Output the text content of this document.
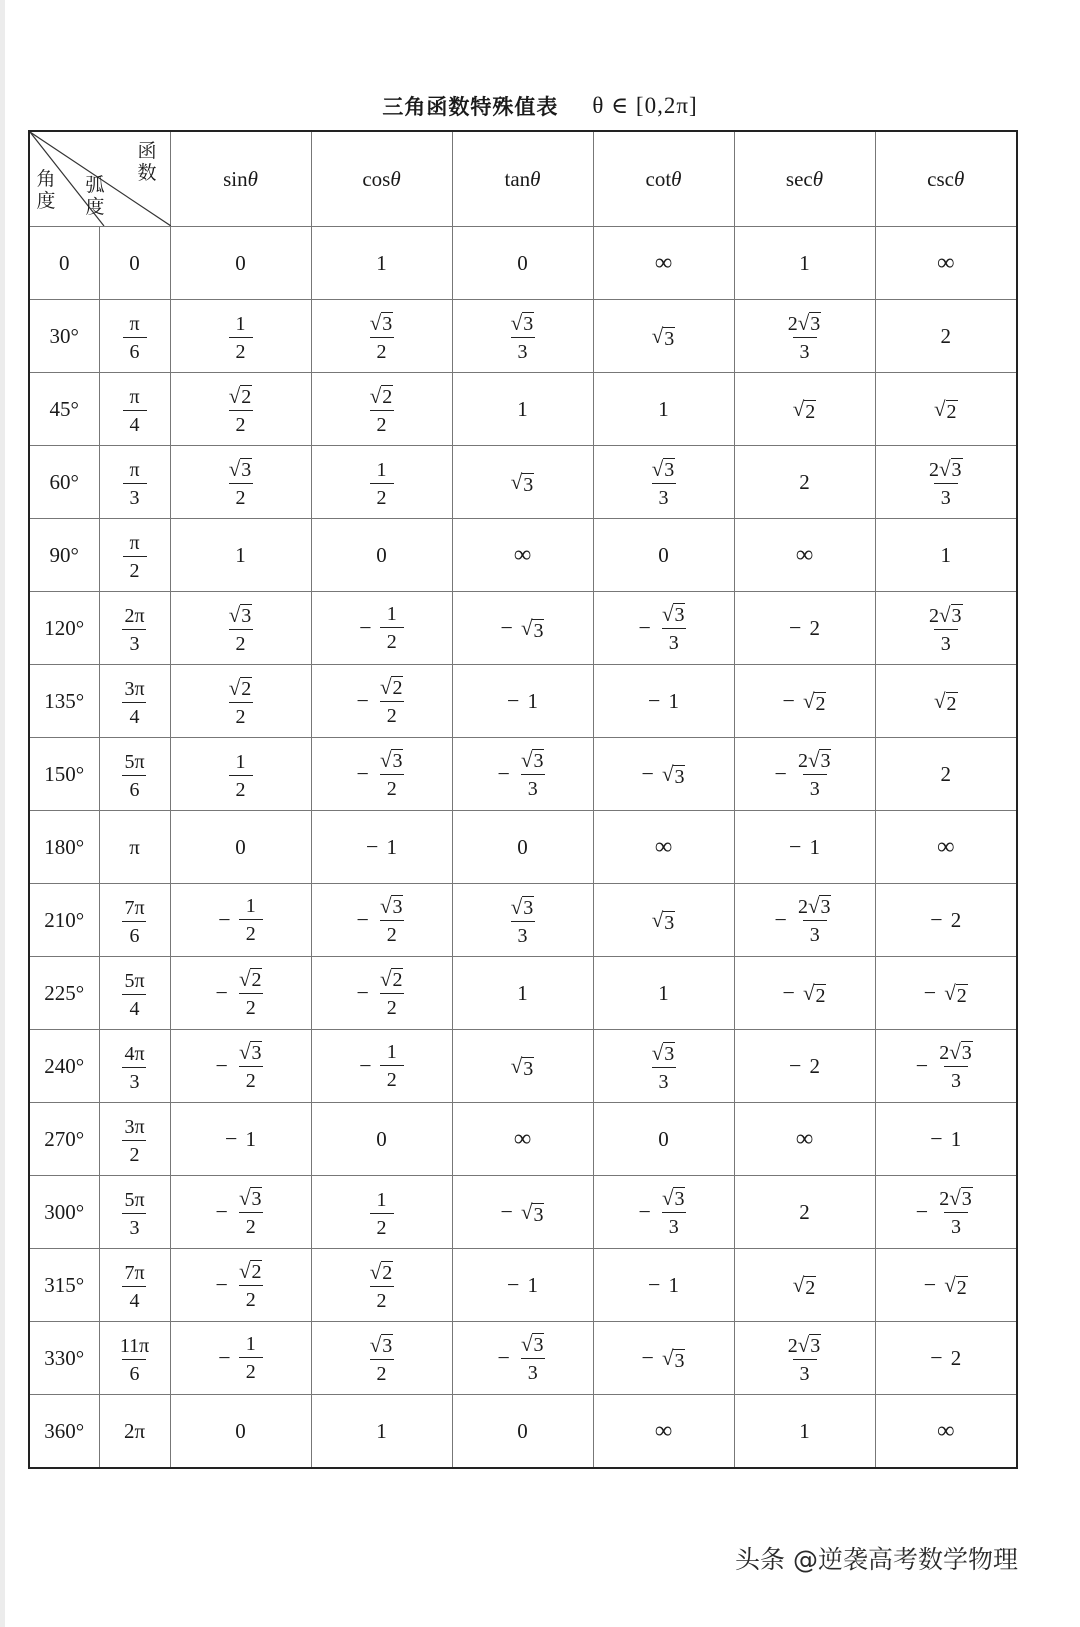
三角函数特殊值表 θ ∈ [0,2π]
函数
弧度
角度		sinθ	cosθ	tanθ	cotθ	secθ	cscθ
0	0	0	1	0	∞	1	∞

30°	$\frac{\pi}{6}$	$\frac{1}{2}$	$\frac{√ 3}{2}$	$\frac{√ 3}{3}$	√ 3	$\frac{2 √ 3}{3}$	2

45°	$\frac{\pi}{4}$	$\frac{√ 2}{2}$	$\frac{√ 2}{2}$	1	1	√ 2	√ 2

60°	$\frac{\pi}{3}$	$\frac{√ 3}{2}$	$\frac{1}{2}$	√ 3	$\frac{√ 3}{3}$	2	$\frac{2 √ 3}{3}$

90°	$\frac{\pi}{2}$	1	0	∞	0	∞	1

120°	$\frac{2\pi}{3}$	$\frac{√ 3}{2}$	− $\frac{1}{2}$	− √ 3	− $\frac{√ 3}{3}$	− 2	$\frac{2 √ 3}{3}$

135°	$\frac{3\pi}{4}$	$\frac{√ 2}{2}$	− $\frac{√ 2}{2}$	− 1	− 1	− √ 2	√ 2

150°	$\frac{5\pi}{6}$	$\frac{1}{2}$	− $\frac{√ 3}{2}$	− $\frac{√ 3}{3}$	− √ 3	− $\frac{2 √ 3}{3}$	2

180°	π	0	− 1	0	∞	− 1	∞

210°	$\frac{7\pi}{6}$	− $\frac{1}{2}$	− $\frac{√ 3}{2}$	$\frac{√ 3}{3}$	√ 3	− $\frac{2 √ 3}{3}$	− 2

225°	$\frac{5\pi}{4}$	− $\frac{√ 2}{2}$	− $\frac{√ 2}{2}$	1	1	− √ 2	− √ 2

240°	$\frac{4\pi}{3}$	− $\frac{√ 3}{2}$	− $\frac{1}{2}$	√ 3	$\frac{√ 3}{3}$	− 2	− $\frac{2 √ 3}{3}$

270°	$\frac{3\pi}{2}$	− 1	0	∞	0	∞	− 1

300°	$\frac{5\pi}{3}$	− $\frac{√ 3}{2}$	$\frac{1}{2}$	− √ 3	− $\frac{√ 3}{3}$	2	− $\frac{2 √ 3}{3}$

315°	$\frac{7\pi}{4}$	− $\frac{√ 2}{2}$	$\frac{√ 2}{2}$	− 1	− 1	√ 2	− √ 2

330°	$\frac{11\pi}{6}$	− $\frac{1}{2}$	$\frac{√ 3}{2}$	− $\frac{√ 3}{3}$	− √ 3	$\frac{2 √ 3}{3}$	− 2

360°	2π	0	1	0	∞	1	∞
头条 @逆袭高考数学物理
